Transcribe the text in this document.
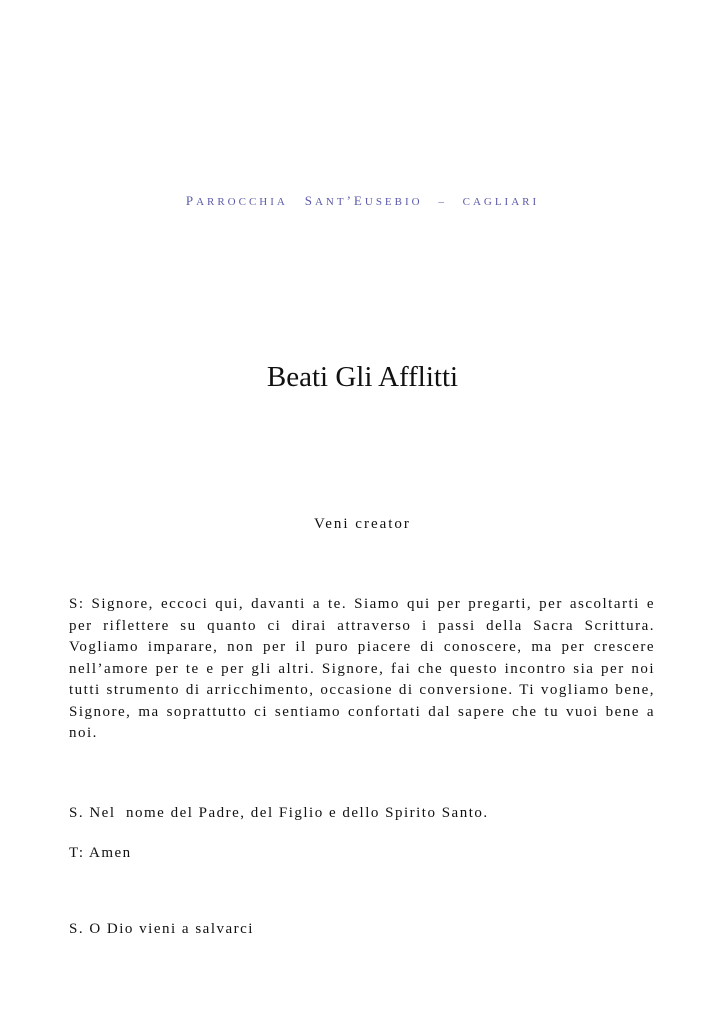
PARROCCHIA SANT’EUSEBIO – CAGLIARI
Beati Gli Afflitti
Veni creator

S: Signore, eccoci qui, davanti a te. Siamo qui per pregarti, per ascoltarti e per riflettere su quanto ci dirai attraverso i passi della Sacra Scrittura. Vogliamo imparare, non per il puro piacere di conoscere, ma per crescere nell’amore per te e per gli altri. Signore, fai che questo incontro sia per noi tutti strumento di arricchimento, occasione di conversione. Ti vogliamo bene, Signore, ma soprattutto ci sentiamo confortati dal sapere che tu vuoi bene a noi.

S. Nel  nome del Padre, del Figlio e dello Spirito Santo.

T: Amen

S. O Dio vieni a salvarci
